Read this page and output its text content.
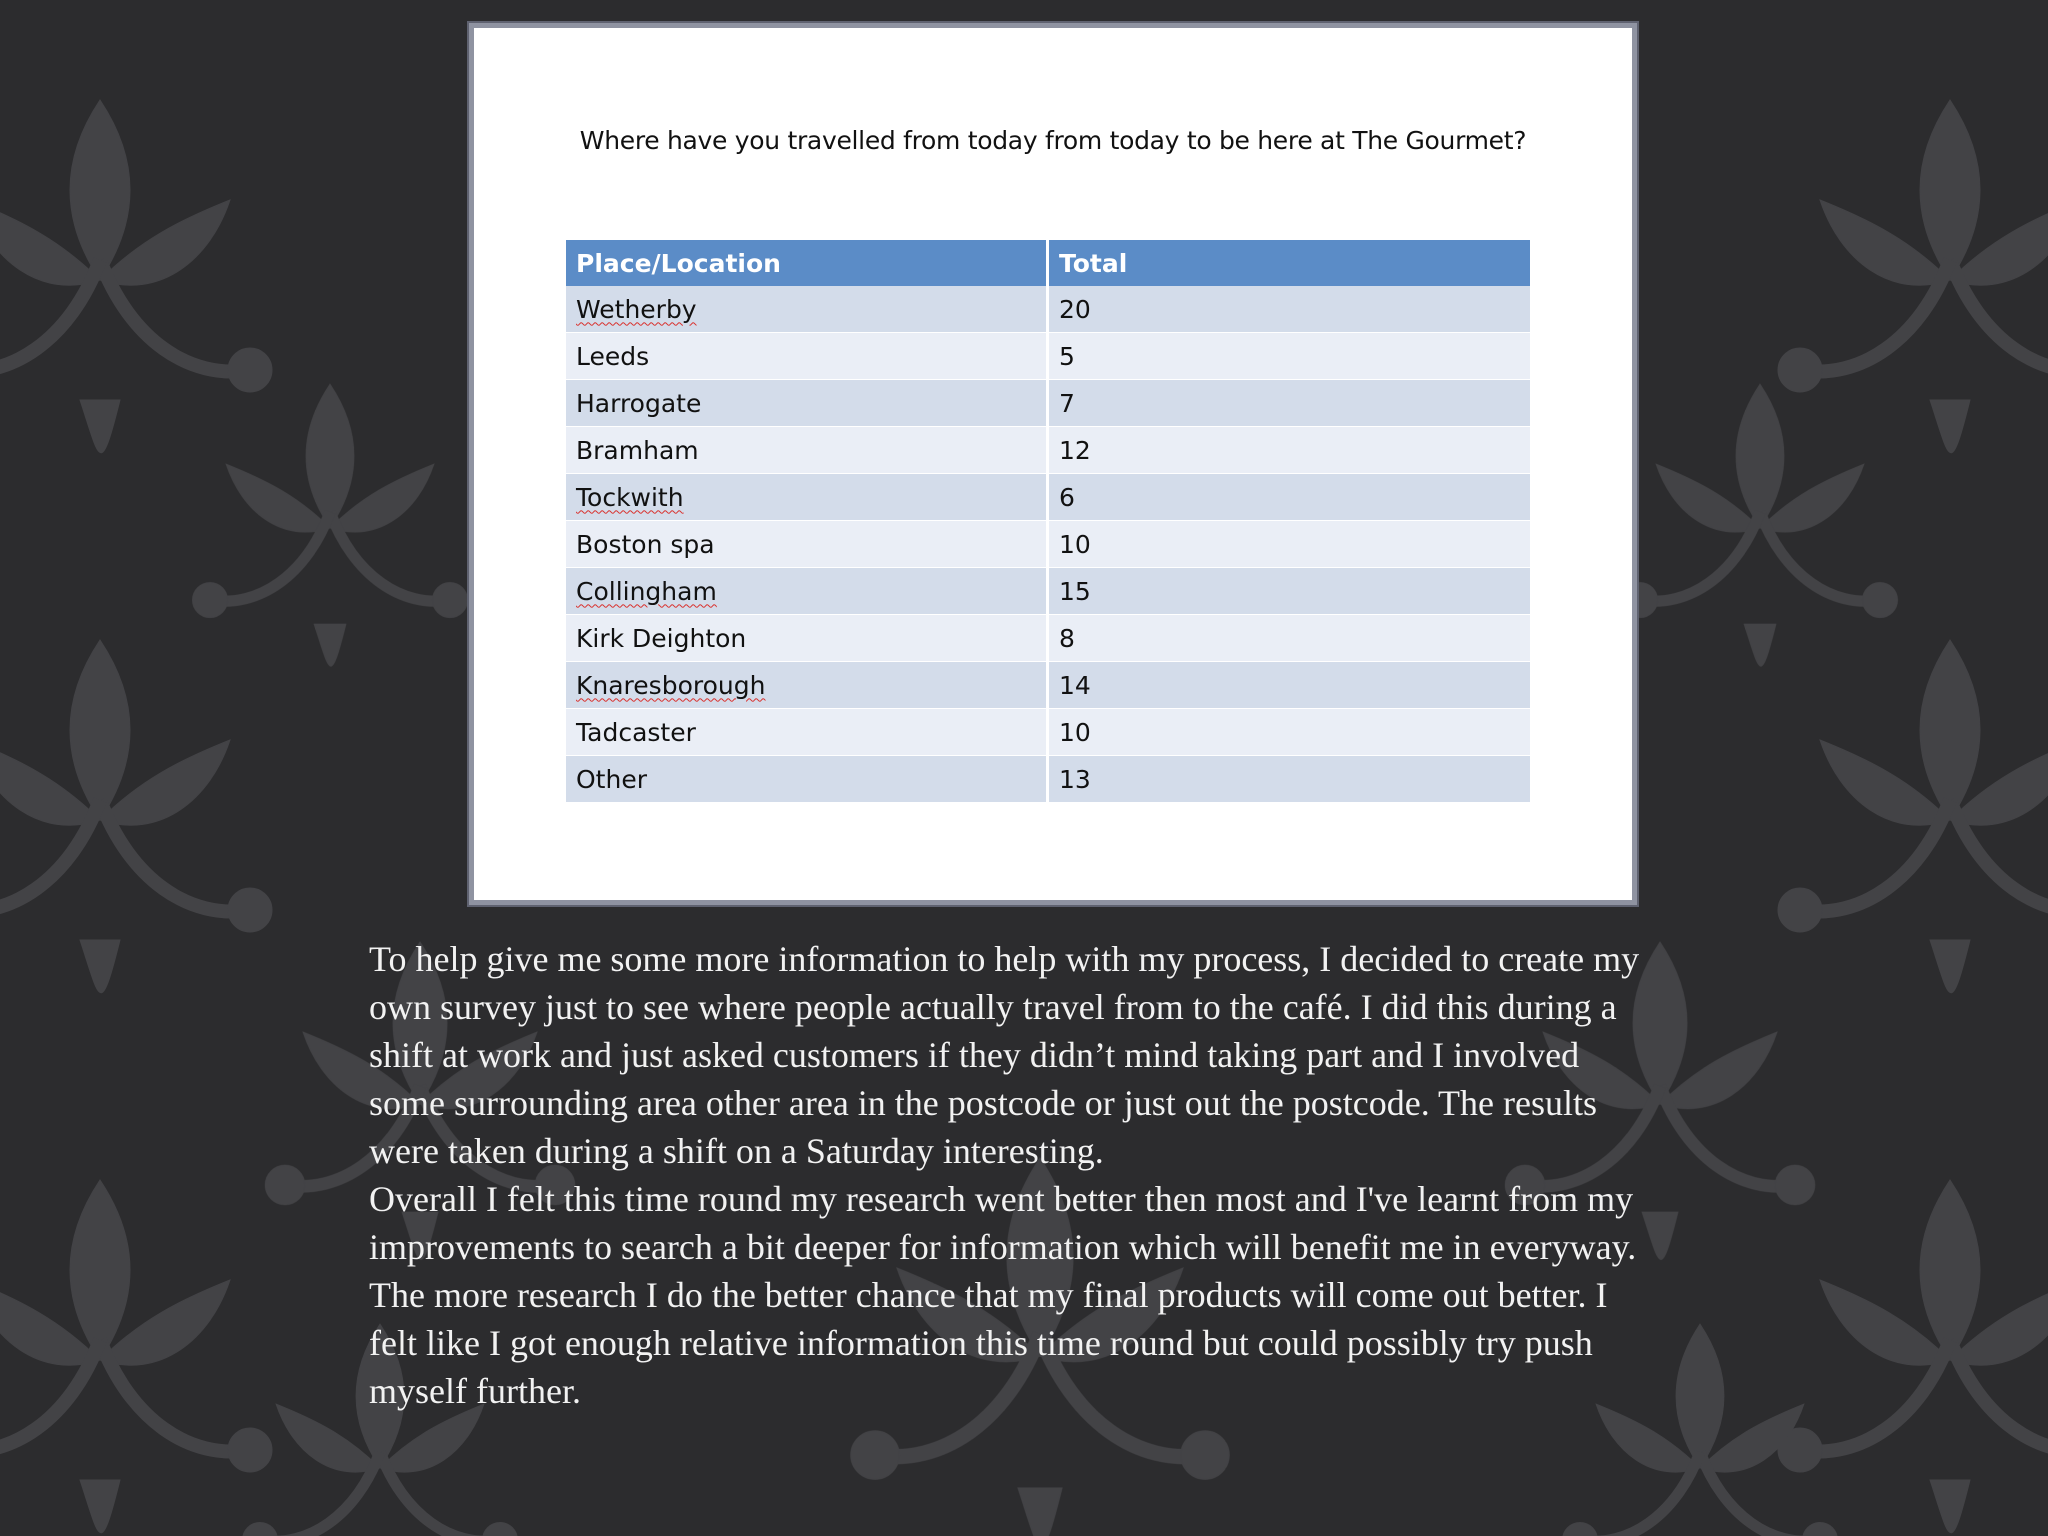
Where have you travelled from today from today to be here at The Gourmet?
Place/Location	Total
Wetherby	20
Leeds	5
Harrogate	7
Bramham	12
Tockwith	6
Boston spa	10
Collingham	15
Kirk Deighton	8
Knaresborough	14
Tadcaster	10
Other	13

To help give me some more information to help with my process, I decided to create my
own survey just to see where people actually travel from to the café. I did this during a
shift at work and just asked customers if they didn’t mind taking part and I involved
some surrounding area other area in the postcode or just out the postcode. The results
were taken during a shift on a Saturday interesting.

Overall I felt this time round my research went better then most and I've learnt from my
improvements to search a bit deeper for information which will benefit me in everyway.
The more research I do the better chance that my final products will come out better. I
felt like I got enough relative information this time round but could possibly try push
myself further.
